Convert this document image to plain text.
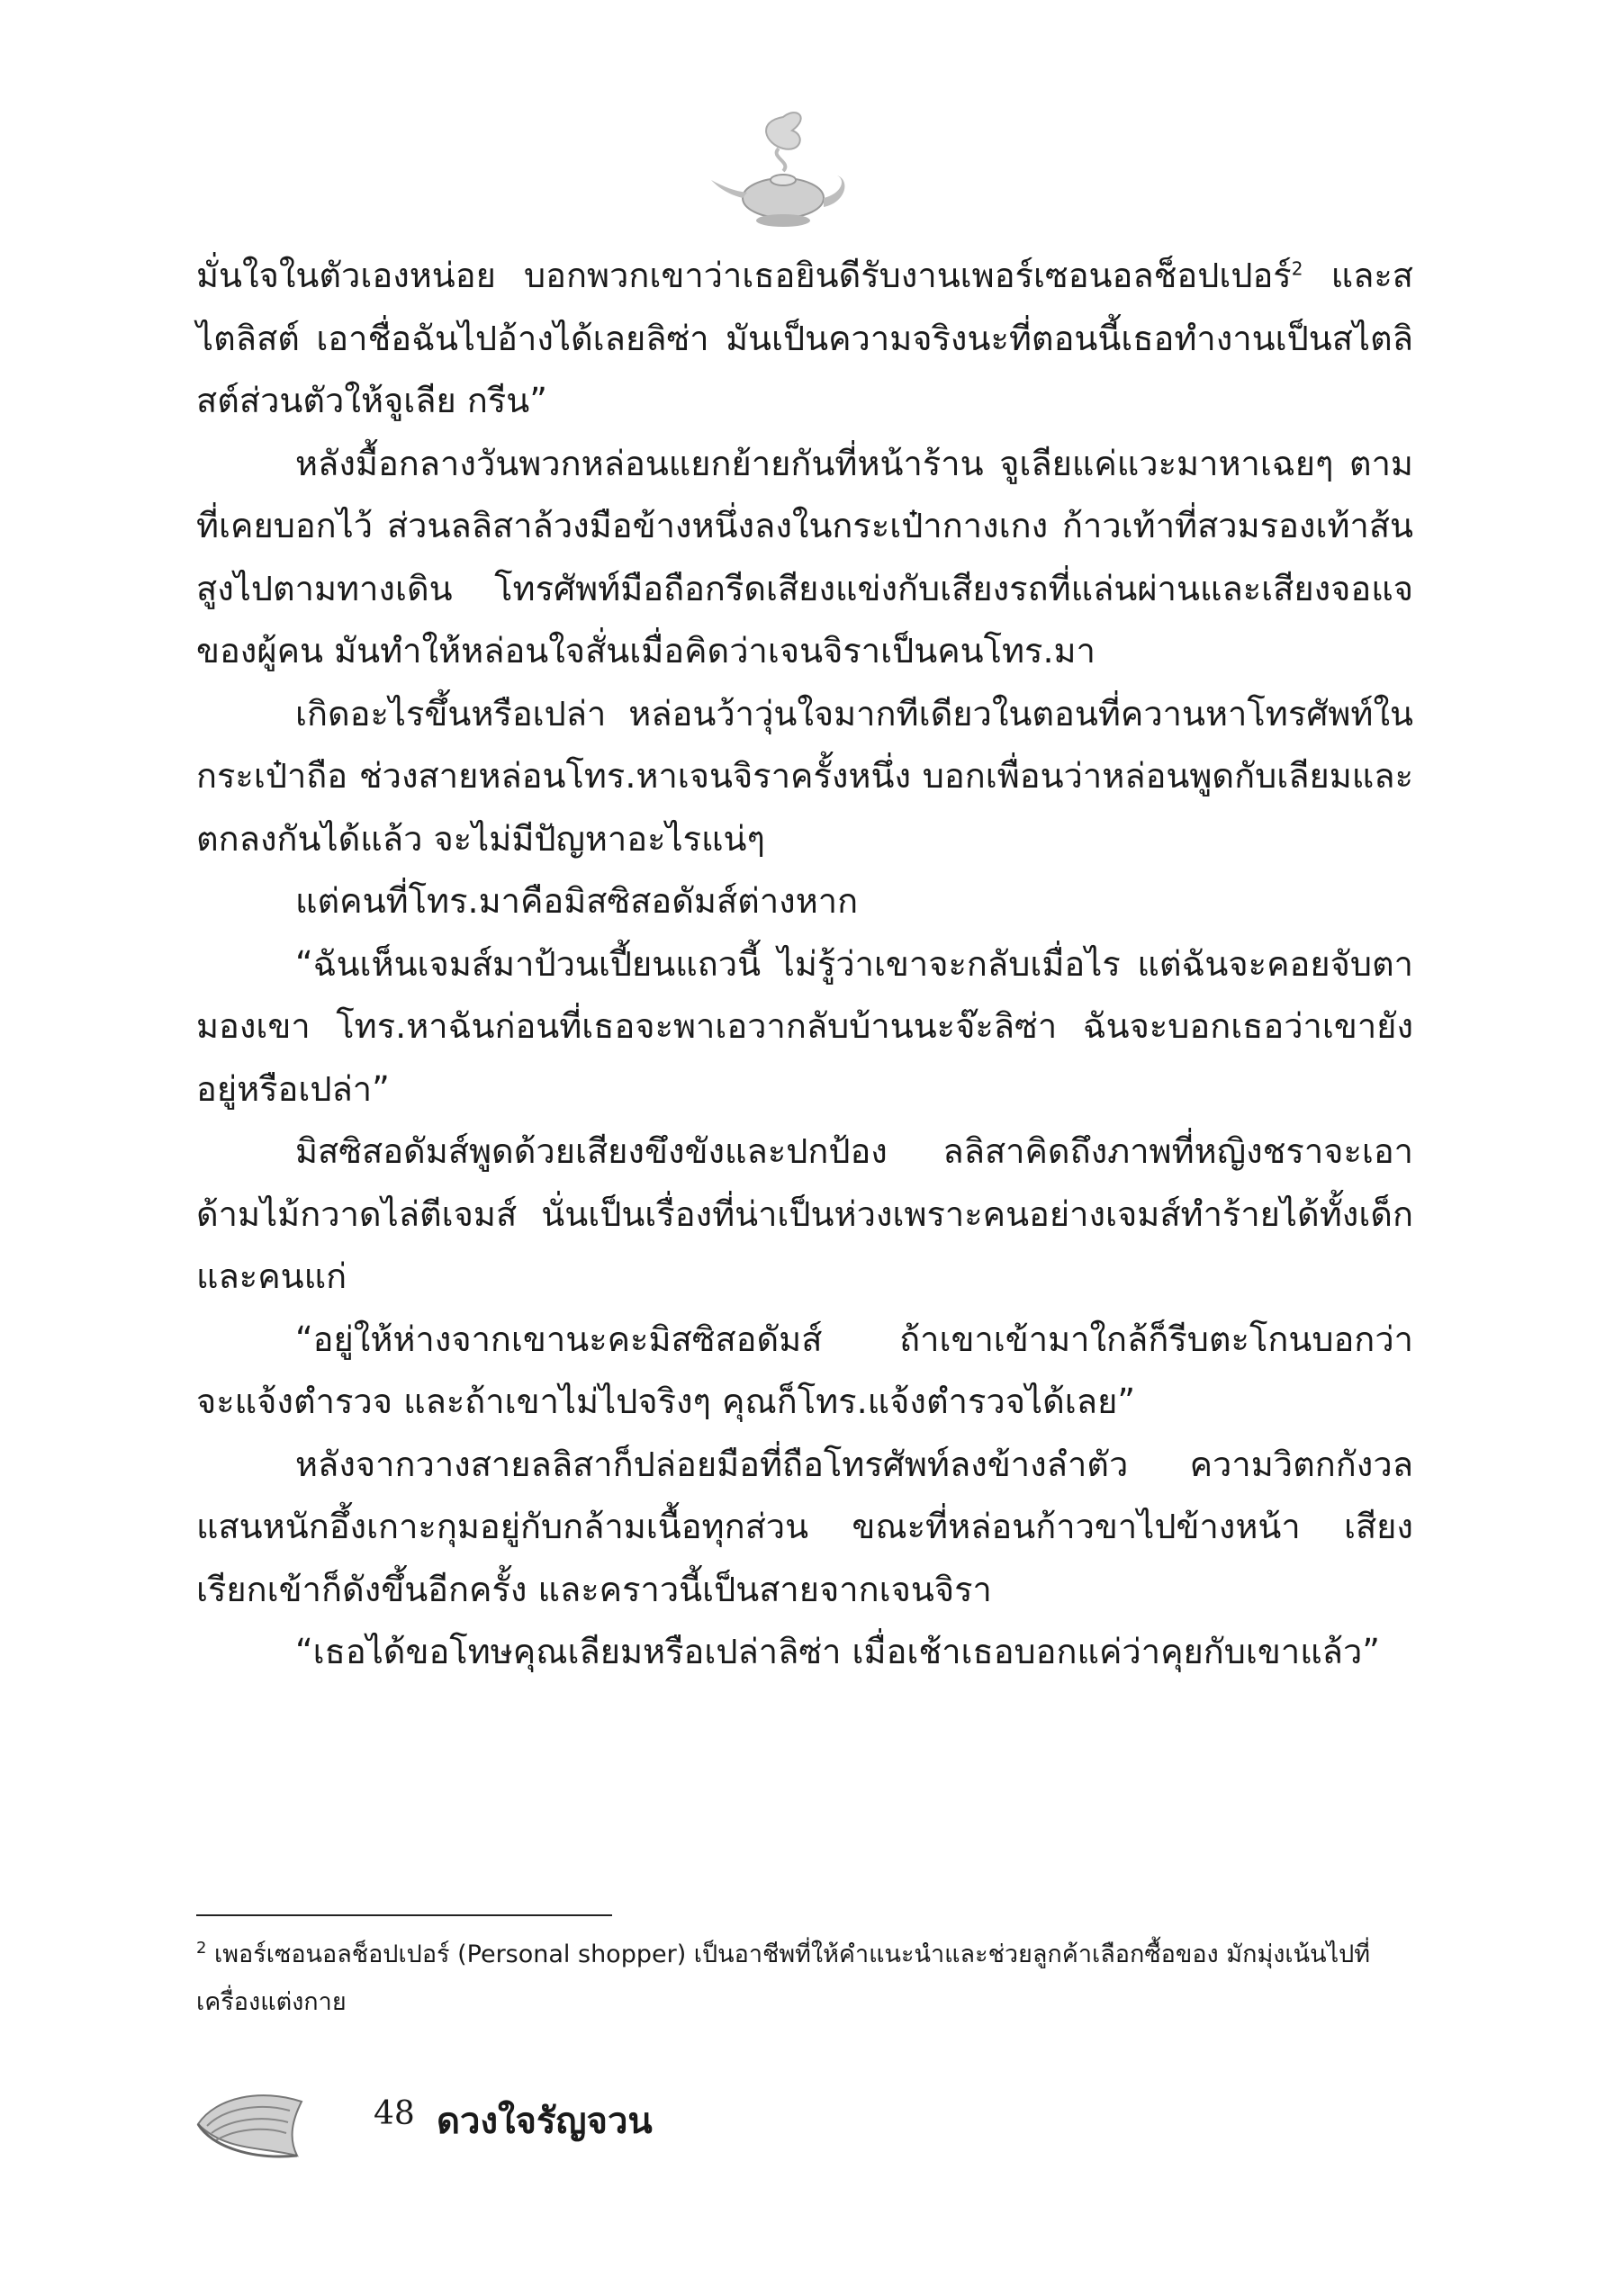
มั่นใจในตัวเองหน่อย บอกพวกเขาว่าเธอยินดีรับงานเพอร์เซอนอลช็อปเปอร์$^2$ และสไตลิสต์ เอาชื่อฉันไปอ้างได้เลยลิซ่า มันเป็นความจริงนะที่ตอนนี้เธอทำงานเป็นสไตลิสต์ส่วนตัวให้จูเลีย กรีน”

หลังมื้อกลางวันพวกหล่อนแยกย้ายกันที่หน้าร้าน จูเลียแค่แวะมาหาเฉยๆ ตามที่เคยบอกไว้ ส่วนลลิสาล้วงมือข้างหนึ่งลงในกระเป๋ากางเกง ก้าวเท้าที่สวมรองเท้าส้นสูงไปตามทางเดิน โทรศัพท์มือถือกรีดเสียงแข่งกับเสียงรถที่แล่นผ่านและเสียงจอแจของผู้คน มันทำให้หล่อนใจสั่นเมื่อคิดว่าเจนจิราเป็นคนโทร.มา

เกิดอะไรขึ้นหรือเปล่า หล่อนว้าวุ่นใจมากทีเดียวในตอนที่ควานหาโทรศัพท์ในกระเป๋าถือ ช่วงสายหล่อนโทร.หาเจนจิราครั้งหนึ่ง บอกเพื่อนว่าหล่อนพูดกับเลียมและตกลงกันได้แล้ว จะไม่มีปัญหาอะไรแน่ๆ

แต่คนที่โทร.มาคือมิสซิสอดัมส์ต่างหาก

“ฉันเห็นเจมส์มาป้วนเปี้ยนแถวนี้ ไม่รู้ว่าเขาจะกลับเมื่อไร แต่ฉันจะคอยจับตามองเขา โทร.หาฉันก่อนที่เธอจะพาเอวากลับบ้านนะจ๊ะลิซ่า ฉันจะบอกเธอว่าเขายังอยู่หรือเปล่า”

มิสซิสอดัมส์พูดด้วยเสียงขึงขังและปกป้อง ลลิสาคิดถึงภาพที่หญิงชราจะเอาด้ามไม้กวาดไล่ตีเจมส์ นั่นเป็นเรื่องที่น่าเป็นห่วงเพราะคนอย่างเจมส์ทำร้ายได้ทั้งเด็กและคนแก่

“อยู่ให้ห่างจากเขานะคะมิสซิสอดัมส์ ถ้าเขาเข้ามาใกล้ก็รีบตะโกนบอกว่าจะแจ้งตำรวจ และถ้าเขาไม่ไปจริงๆ คุณก็โทร.แจ้งตำรวจได้เลย”

หลังจากวางสายลลิสาก็ปล่อยมือที่ถือโทรศัพท์ลงข้างลำตัว ความวิตกกังวลแสนหนักอึ้งเกาะกุมอยู่กับกล้ามเนื้อทุกส่วน ขณะที่หล่อนก้าวขาไปข้างหน้า เสียงเรียกเข้าก็ดังขึ้นอีกครั้ง และคราวนี้เป็นสายจากเจนจิรา

“เธอได้ขอโทษคุณเลียมหรือเปล่าลิซ่า เมื่อเช้าเธอบอกแค่ว่าคุยกับเขาแล้ว”

$^2$ เพอร์เซอนอลช็อปเปอร์ (Personal shopper) เป็นอาชีพที่ให้คำแนะนำและช่วยลูกค้าเลือกซื้อของ มักมุ่งเน้นไปที่เครื่องแต่งกาย

48 ดวงใจรัญจวน
